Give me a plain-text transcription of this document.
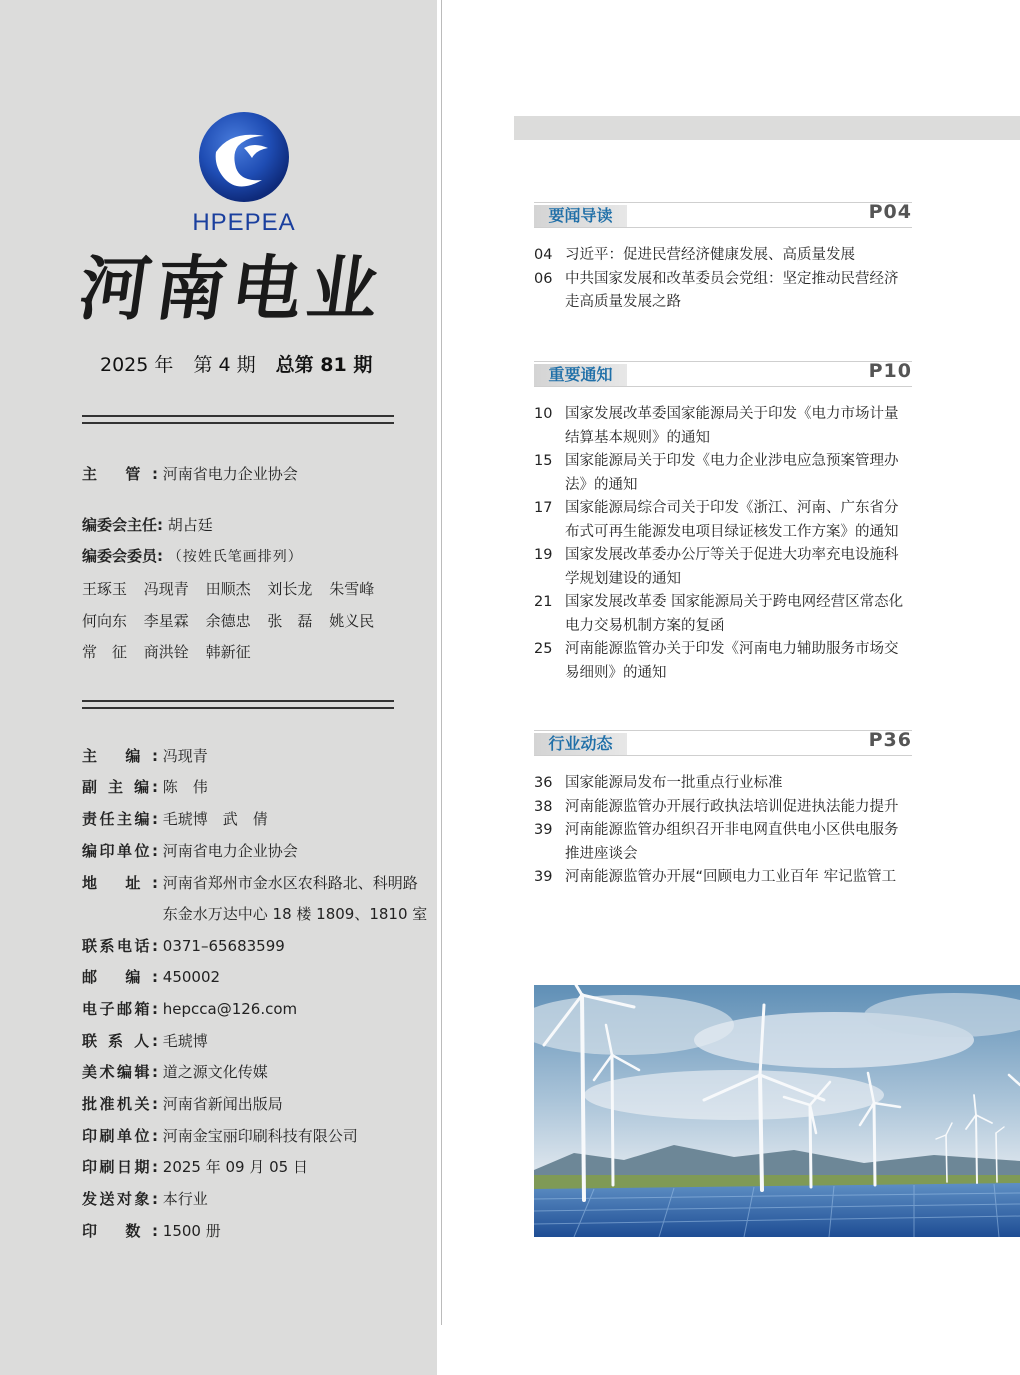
HPEPEA
河南电业
2025 年 第 4 期 总第 81 期
主 管: 河南省电力企业协会
编委会主任: 胡占廷
编委会委员: （按姓氏笔画排列）
王琢玉 冯现青 田顺杰 刘长龙 朱雪峰
何向东 李星霖 余德忠 张　磊 姚义民
常　征 商洪铨 韩新征
主 编: 冯现青
副 主 编: 陈　伟
责任主编: 毛琥博　武　倩
编印单位: 河南省电力企业协会
地 址: 河南省郑州市金水区农科路北、科明路
东金水万达中心 18 楼 1809、1810 室
联系电话: 0371–65683599
邮 编: 450002
电子邮箱: hepcca@126.com
联 系 人: 毛琥博
美术编辑: 道之源文化传媒
批准机关: 河南省新闻出版局
印刷单位: 河南金宝丽印刷科技有限公司
印刷日期: 2025 年 09 月 05 日
发送对象: 本行业
印 数: 1500 册
要闻导读	P04
04 习近平：促进民营经济健康发展、高质量发展
06 中共国家发展和改革委员会党组：坚定推动民营经济走高质量发展之路
重要通知	P10
10 国家发展改革委国家能源局关于印发《电力市场计量结算基本规则》的通知
15 国家能源局关于印发《电力企业涉电应急预案管理办法》的通知
17 国家能源局综合司关于印发《浙江、河南、广东省分布式可再生能源发电项目绿证核发工作方案》的通知
19 国家发展改革委办公厅等关于促进大功率充电设施科学规划建设的通知
21 国家发展改革委 国家能源局关于跨电网经营区常态化电力交易机制方案的复函
25 河南能源监管办关于印发《河南电力辅助服务市场交易细则》的通知
行业动态	P36
36 国家能源局发布一批重点行业标准
38 河南能源监管办开展行政执法培训促进执法能力提升
39 河南能源监管办组织召开非电网直供电小区供电服务推进座谈会
39 河南能源监管办开展“回顾电力工业百年 牢记监管工
